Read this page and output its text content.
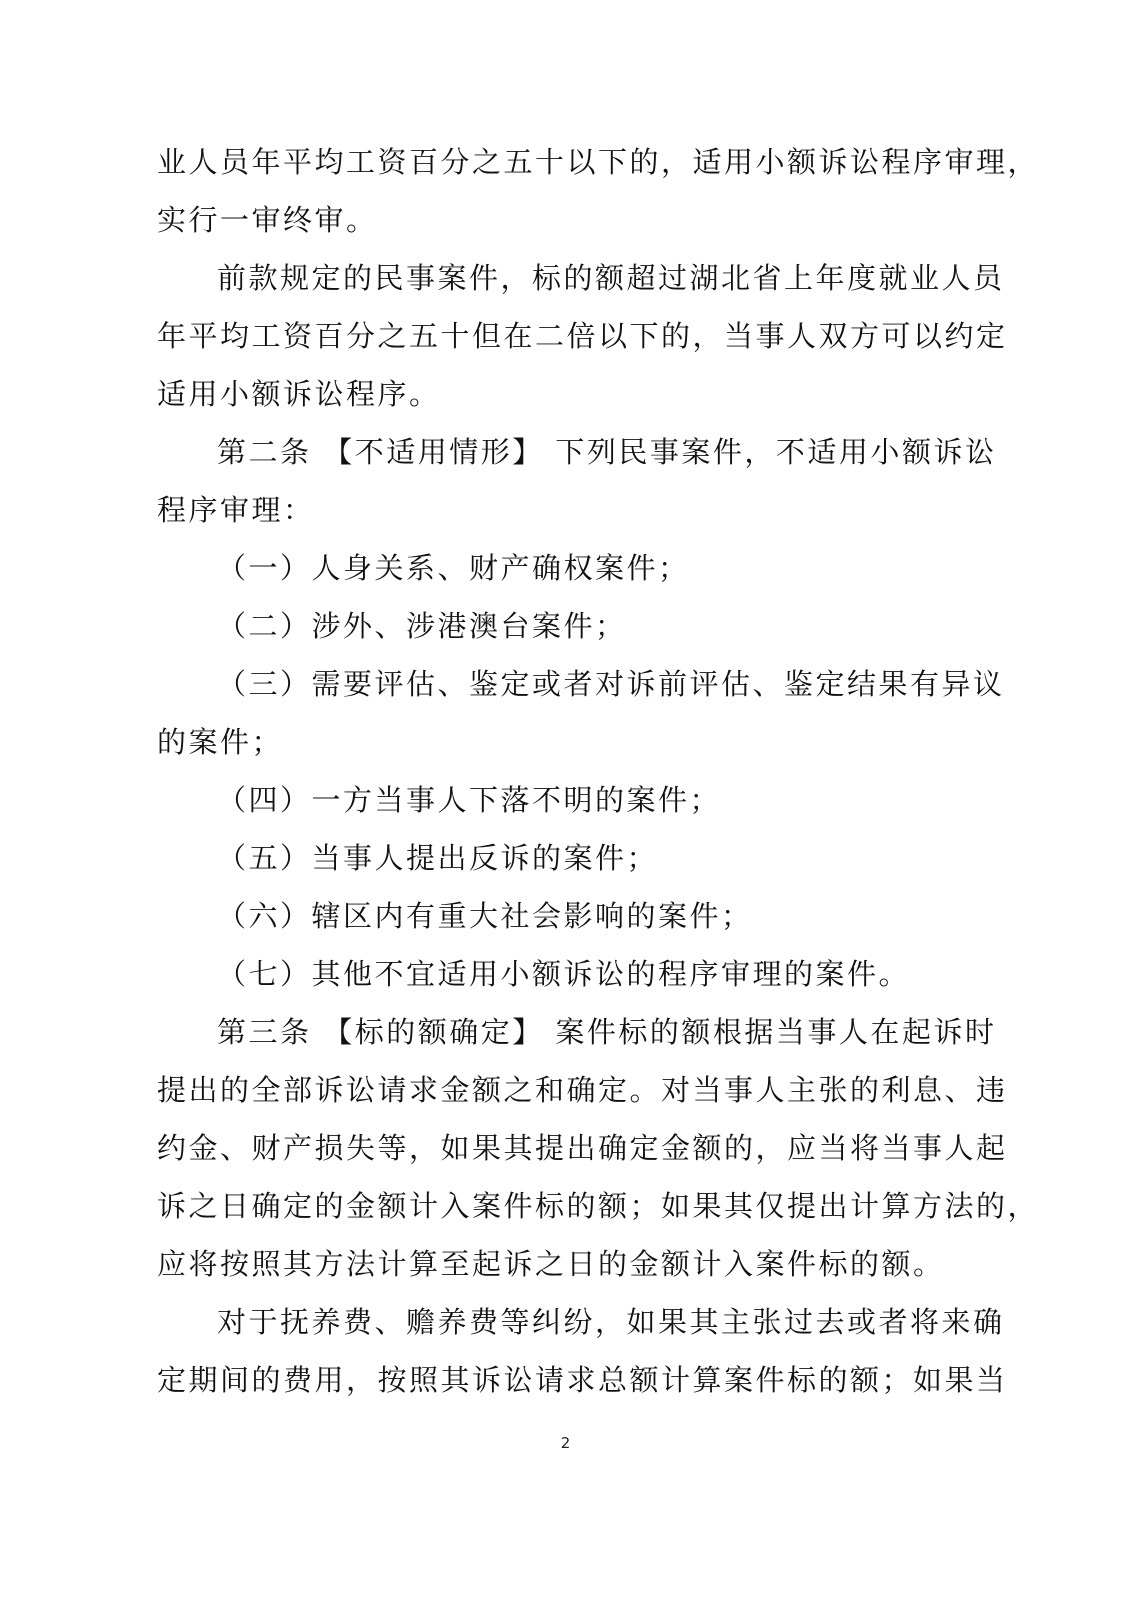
业人员年平均工资百分之五十以下的，适用小额诉讼程序审理，
实行一审终审。
前款规定的民事案件，标的额超过湖北省上年度就业人员
年平均工资百分之五十但在二倍以下的，当事人双方可以约定
适用小额诉讼程序。
第二条 【不适用情形】 下列民事案件，不适用小额诉讼
程序审理：
（一）人身关系、财产确权案件；
（二）涉外、涉港澳台案件；
（三）需要评估、鉴定或者对诉前评估、鉴定结果有异议
的案件；
（四）一方当事人下落不明的案件；
（五）当事人提出反诉的案件；
（六）辖区内有重大社会影响的案件；
（七）其他不宜适用小额诉讼的程序审理的案件。
第三条 【标的额确定】 案件标的额根据当事人在起诉时
提出的全部诉讼请求金额之和确定。对当事人主张的利息、违
约金、财产损失等，如果其提出确定金额的，应当将当事人起
诉之日确定的金额计入案件标的额；如果其仅提出计算方法的，
应将按照其方法计算至起诉之日的金额计入案件标的额。
对于抚养费、赡养费等纠纷，如果其主张过去或者将来确
定期间的费用，按照其诉讼请求总额计算案件标的额；如果当
2
